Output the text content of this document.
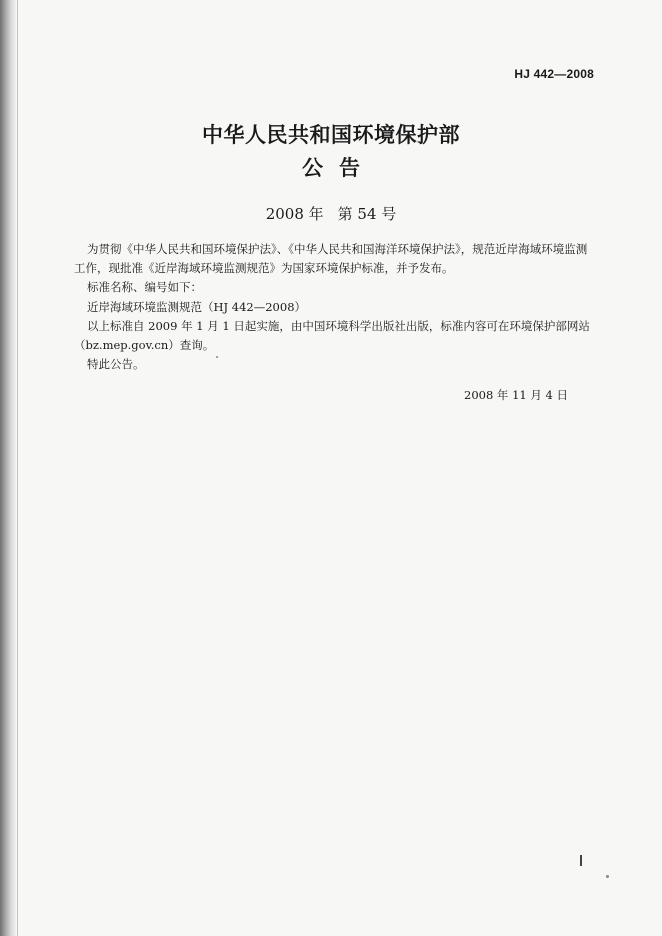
HJ 442—2008
中华人民共和国环境保护部
公告
2008 年 第 54 号

为贯彻《中华人民共和国环境保护法》、《中华人民共和国海洋环境保护法》，规范近岸海域环境监测工作，现批准《近岸海域环境监测规范》为国家环境保护标准，并予发布。

标准名称、编号如下：

近岸海域环境监测规范（HJ 442—2008）

以上标准自 2009 年 1 月 1 日起实施，由中国环境科学出版社出版，标准内容可在环境保护部网站（bz.mep.gov.cn）查询。

特此公告。

2008 年 11 月 4 日
